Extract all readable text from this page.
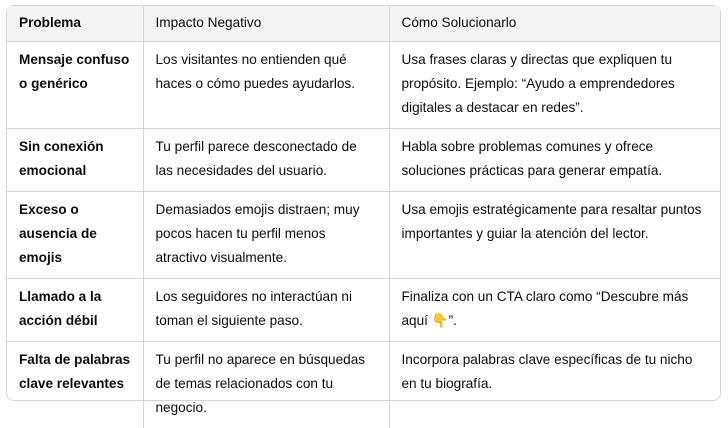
Problema	Impacto Negativo	Cómo Solucionarlo
Mensaje confuso o genérico	Los visitantes no entienden qué haces o cómo puedes ayudarlos.	Usa frases claras y directas que expliquen tu propósito. Ejemplo: “Ayudo a emprendedores digitales a destacar en redes”.
Sin conexión emocional	Tu perfil parece desconectado de las necesidades del usuario.	Habla sobre problemas comunes y ofrece soluciones prácticas para generar empatía.
Exceso o ausencia de emojis	Demasiados emojis distraen; muy pocos hacen tu perfil menos atractivo visualmente.	Usa emojis estratégicamente para resaltar puntos importantes y guiar la atención del lector.
Llamado a la acción débil	Los seguidores no interactúan ni toman el siguiente paso.	Finaliza con un CTA claro como “Descubre más aquí 👇”.
Falta de palabras clave relevantes	Tu perfil no aparece en búsquedas de temas relacionados con tu negocio.	Incorpora palabras clave específicas de tu nicho en tu biografía.
